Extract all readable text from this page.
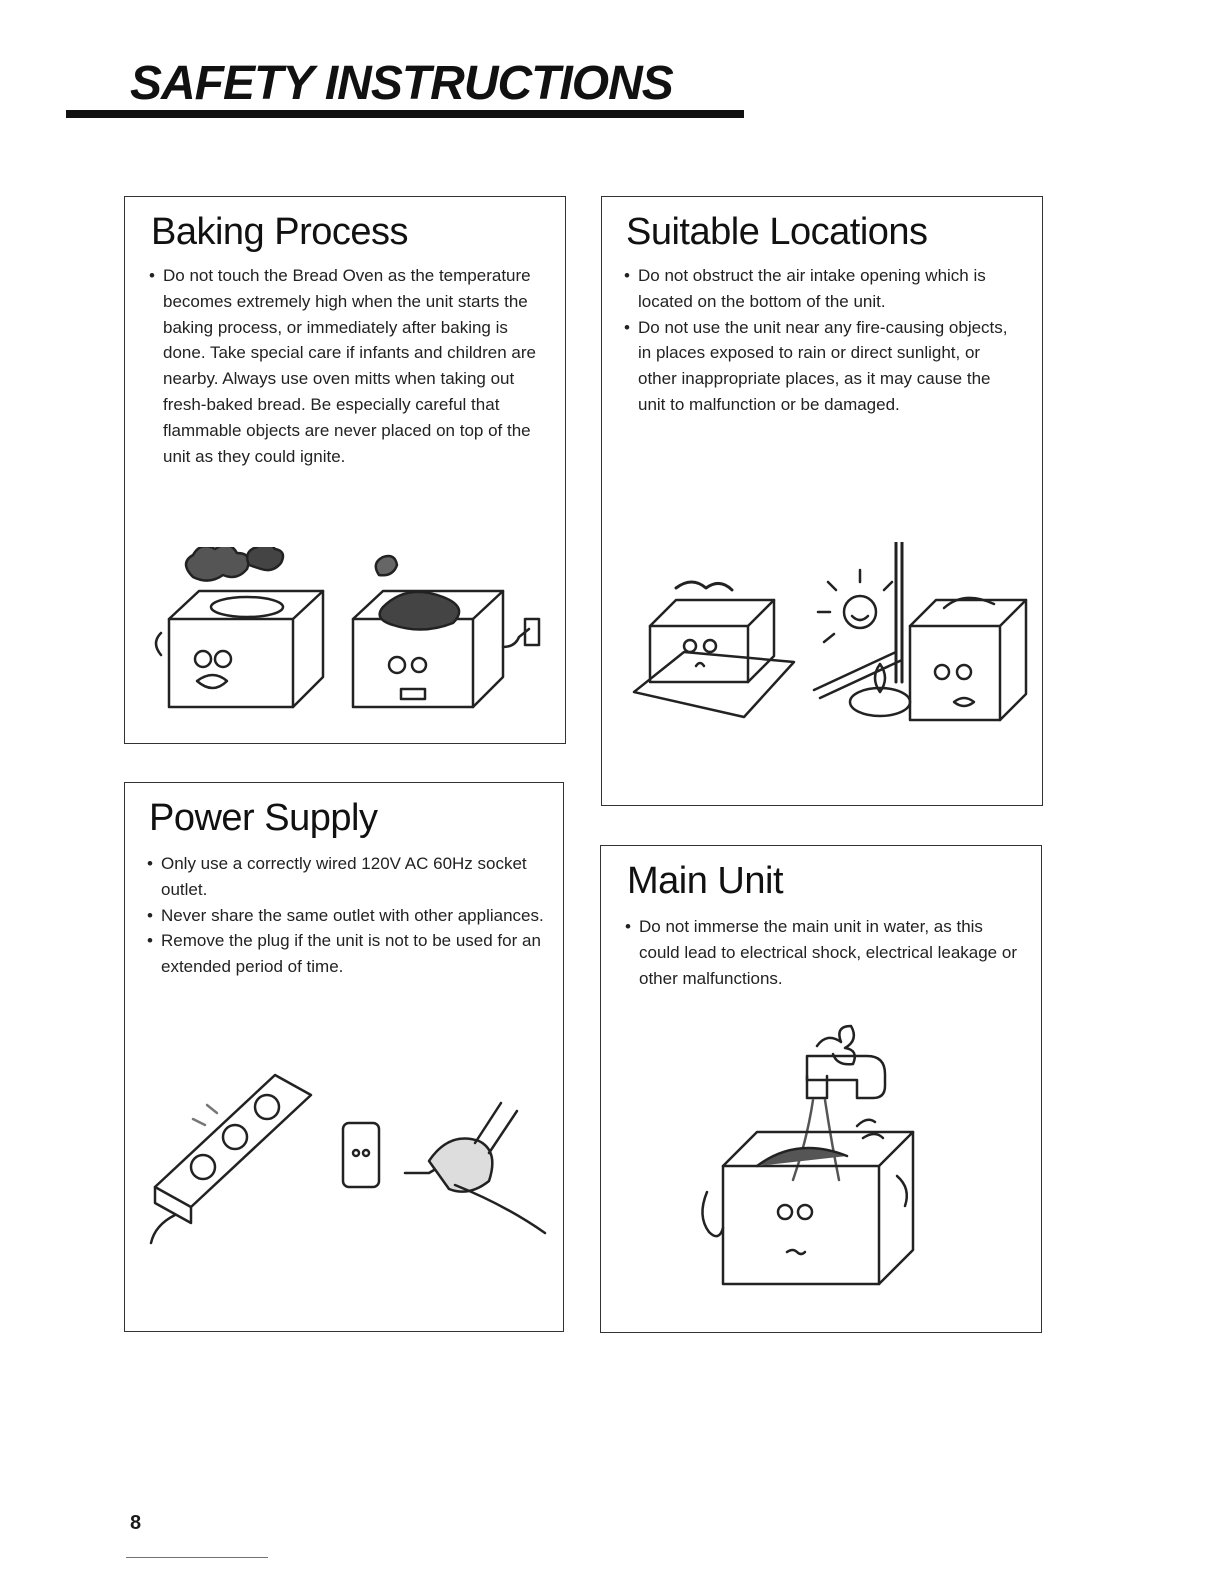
SAFETY INSTRUCTIONS
Baking Process
• Do not touch the Bread Oven as the temperature becomes extremely high when the unit starts the baking process, or immediately after baking is done. Take special care if infants and children are nearby. Always use oven mitts when taking out fresh-baked bread. Be especially careful that flammable objects are never placed on top of the unit as they could ignite.
Suitable Locations
• Do not obstruct the air intake opening which is located on the bottom of the unit.
• Do not use the unit near any fire-causing objects, in places exposed to rain or direct sunlight, or other inappropriate places, as it may cause the unit to malfunction or be damaged.
Power Supply
• Only use a correctly wired 120V AC 60Hz socket outlet.
• Never share the same outlet with other appliances.
• Remove the plug if the unit is not to be used for an extended period of time.
Main Unit
• Do not immerse the main unit in water, as this could lead to electrical shock, electrical leakage or other malfunctions.

8
